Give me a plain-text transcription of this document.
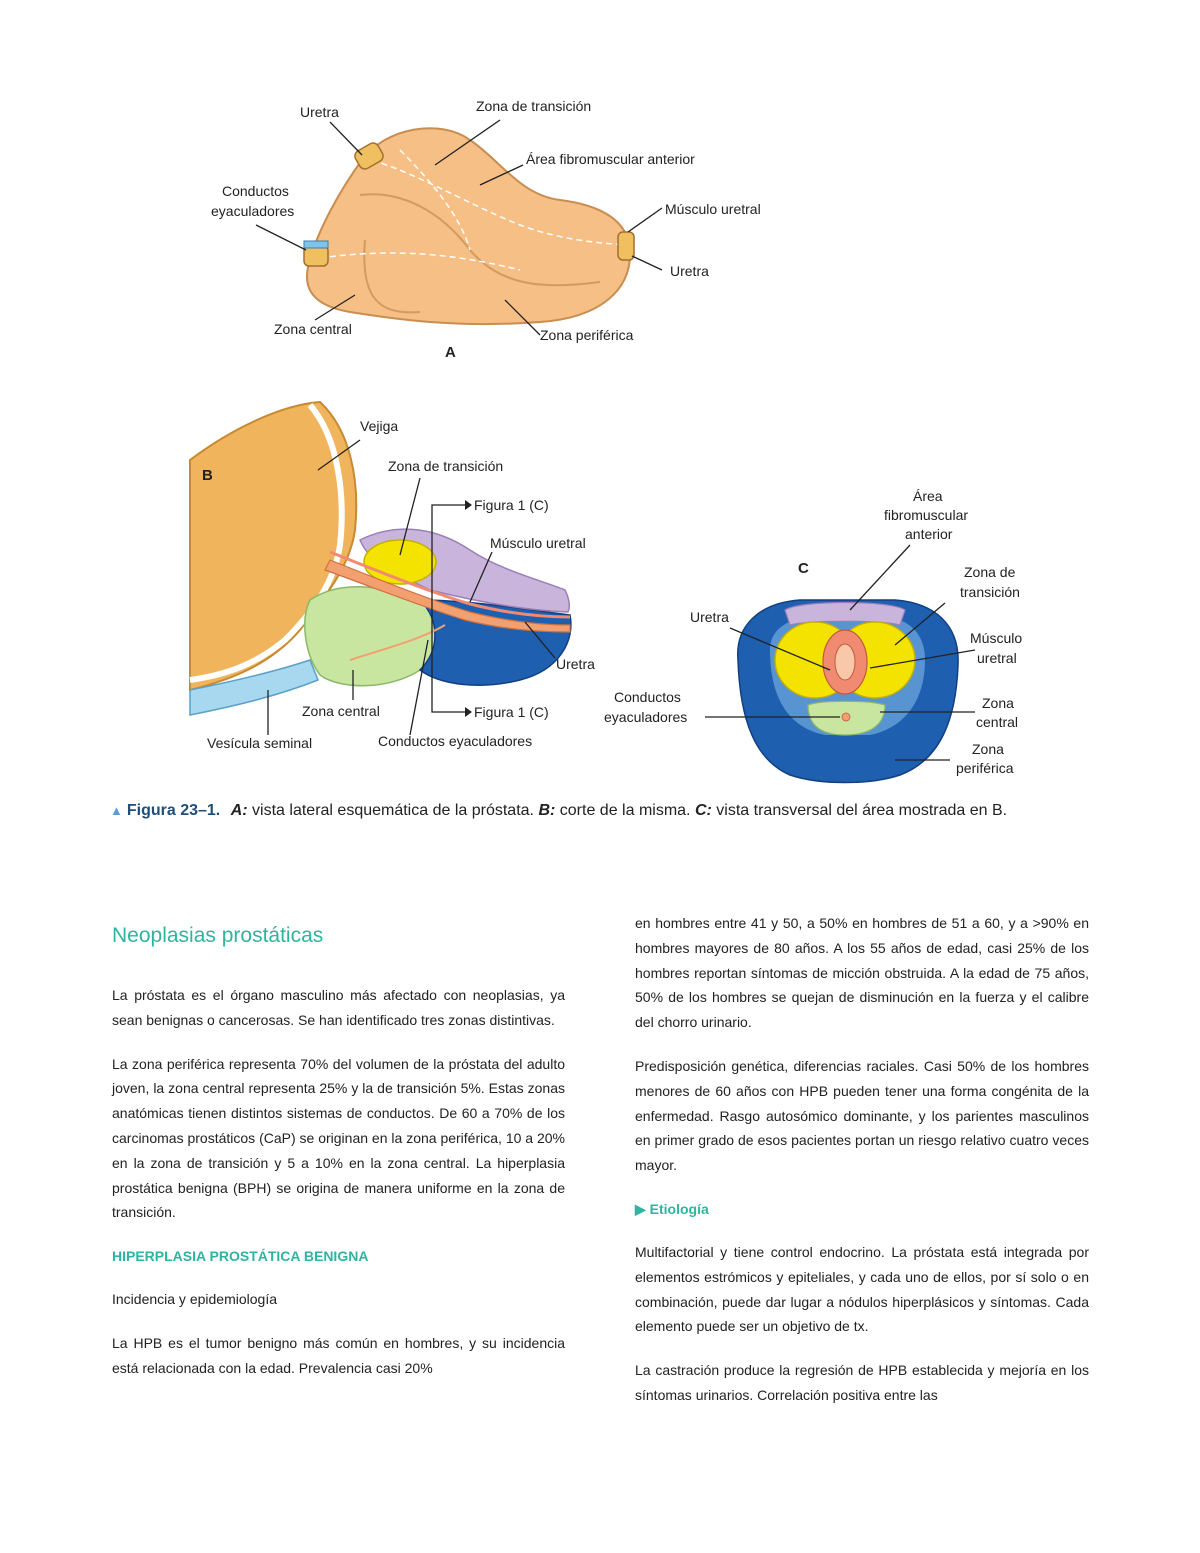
Uretra	Zona de transición
Área fibromuscular anterior
Conductos
eyaculadores	Músculo uretral
Uretra
Zona central	Zona periférica
A
B
Vejiga
Zona de transición
Figura 1 (C)
Músculo uretral
Uretra
Zona central	Figura 1 (C)
Vesícula seminal	Conductos eyaculadores
C
Área
fibromuscular
anterior
Zona de
transición
Uretra
Músculo
uretral
Conductos
eyaculadores
Zona
central
Zona
periférica
▲ Figura 23–1. A: vista lateral esquemática de la próstata. B: corte de la misma. C: vista transversal del área mostrada en B.
Neoplasias prostáticas

La próstata es el órgano masculino más afectado con neoplasias, ya sean benignas o cancerosas. Se han identificado tres zonas distintivas.

La zona periférica representa 70% del volumen de la próstata del adulto joven, la zona central representa 25% y la de transición 5%. Estas zonas anatómicas tienen distintos sistemas de conductos. De 60 a 70% de los carcinomas prostáticos (CaP) se originan en la zona periférica, 10 a 20% en la zona de transición y 5 a 10% en la zona central. La hiperplasia prostática benigna (BPH) se origina de manera uniforme en la zona de transición.

HIPERPLASIA PROSTÁTICA BENIGNA

Incidencia y epidemiología

La HPB es el tumor benigno más común en hombres, y su incidencia está relacionada con la edad. Prevalencia casi 20%

en hombres entre 41 y 50, a 50% en hombres de 51 a 60, y a >90% en hombres mayores de 80 años. A los 55 años de edad, casi 25% de los hombres reportan síntomas de micción obstruida. A la edad de 75 años, 50% de los hombres se quejan de disminución en la fuerza y el calibre del chorro urinario.

Predisposición genética, diferencias raciales. Casi 50% de los hombres menores de 60 años con HPB pueden tener una forma congénita de la enfermedad. Rasgo autosómico dominante, y los parientes masculinos en primer grado de esos pacientes portan un riesgo relativo cuatro veces mayor.

▶ Etiología

Multifactorial y tiene control endocrino. La próstata está integrada por elementos estrómicos y epiteliales, y cada uno de ellos, por sí solo o en combinación, puede dar lugar a nódulos hiperplásicos y síntomas. Cada elemento puede ser un objetivo de tx.

La castración produce la regresión de HPB establecida y mejoría en los síntomas urinarios. Correlación positiva entre las
